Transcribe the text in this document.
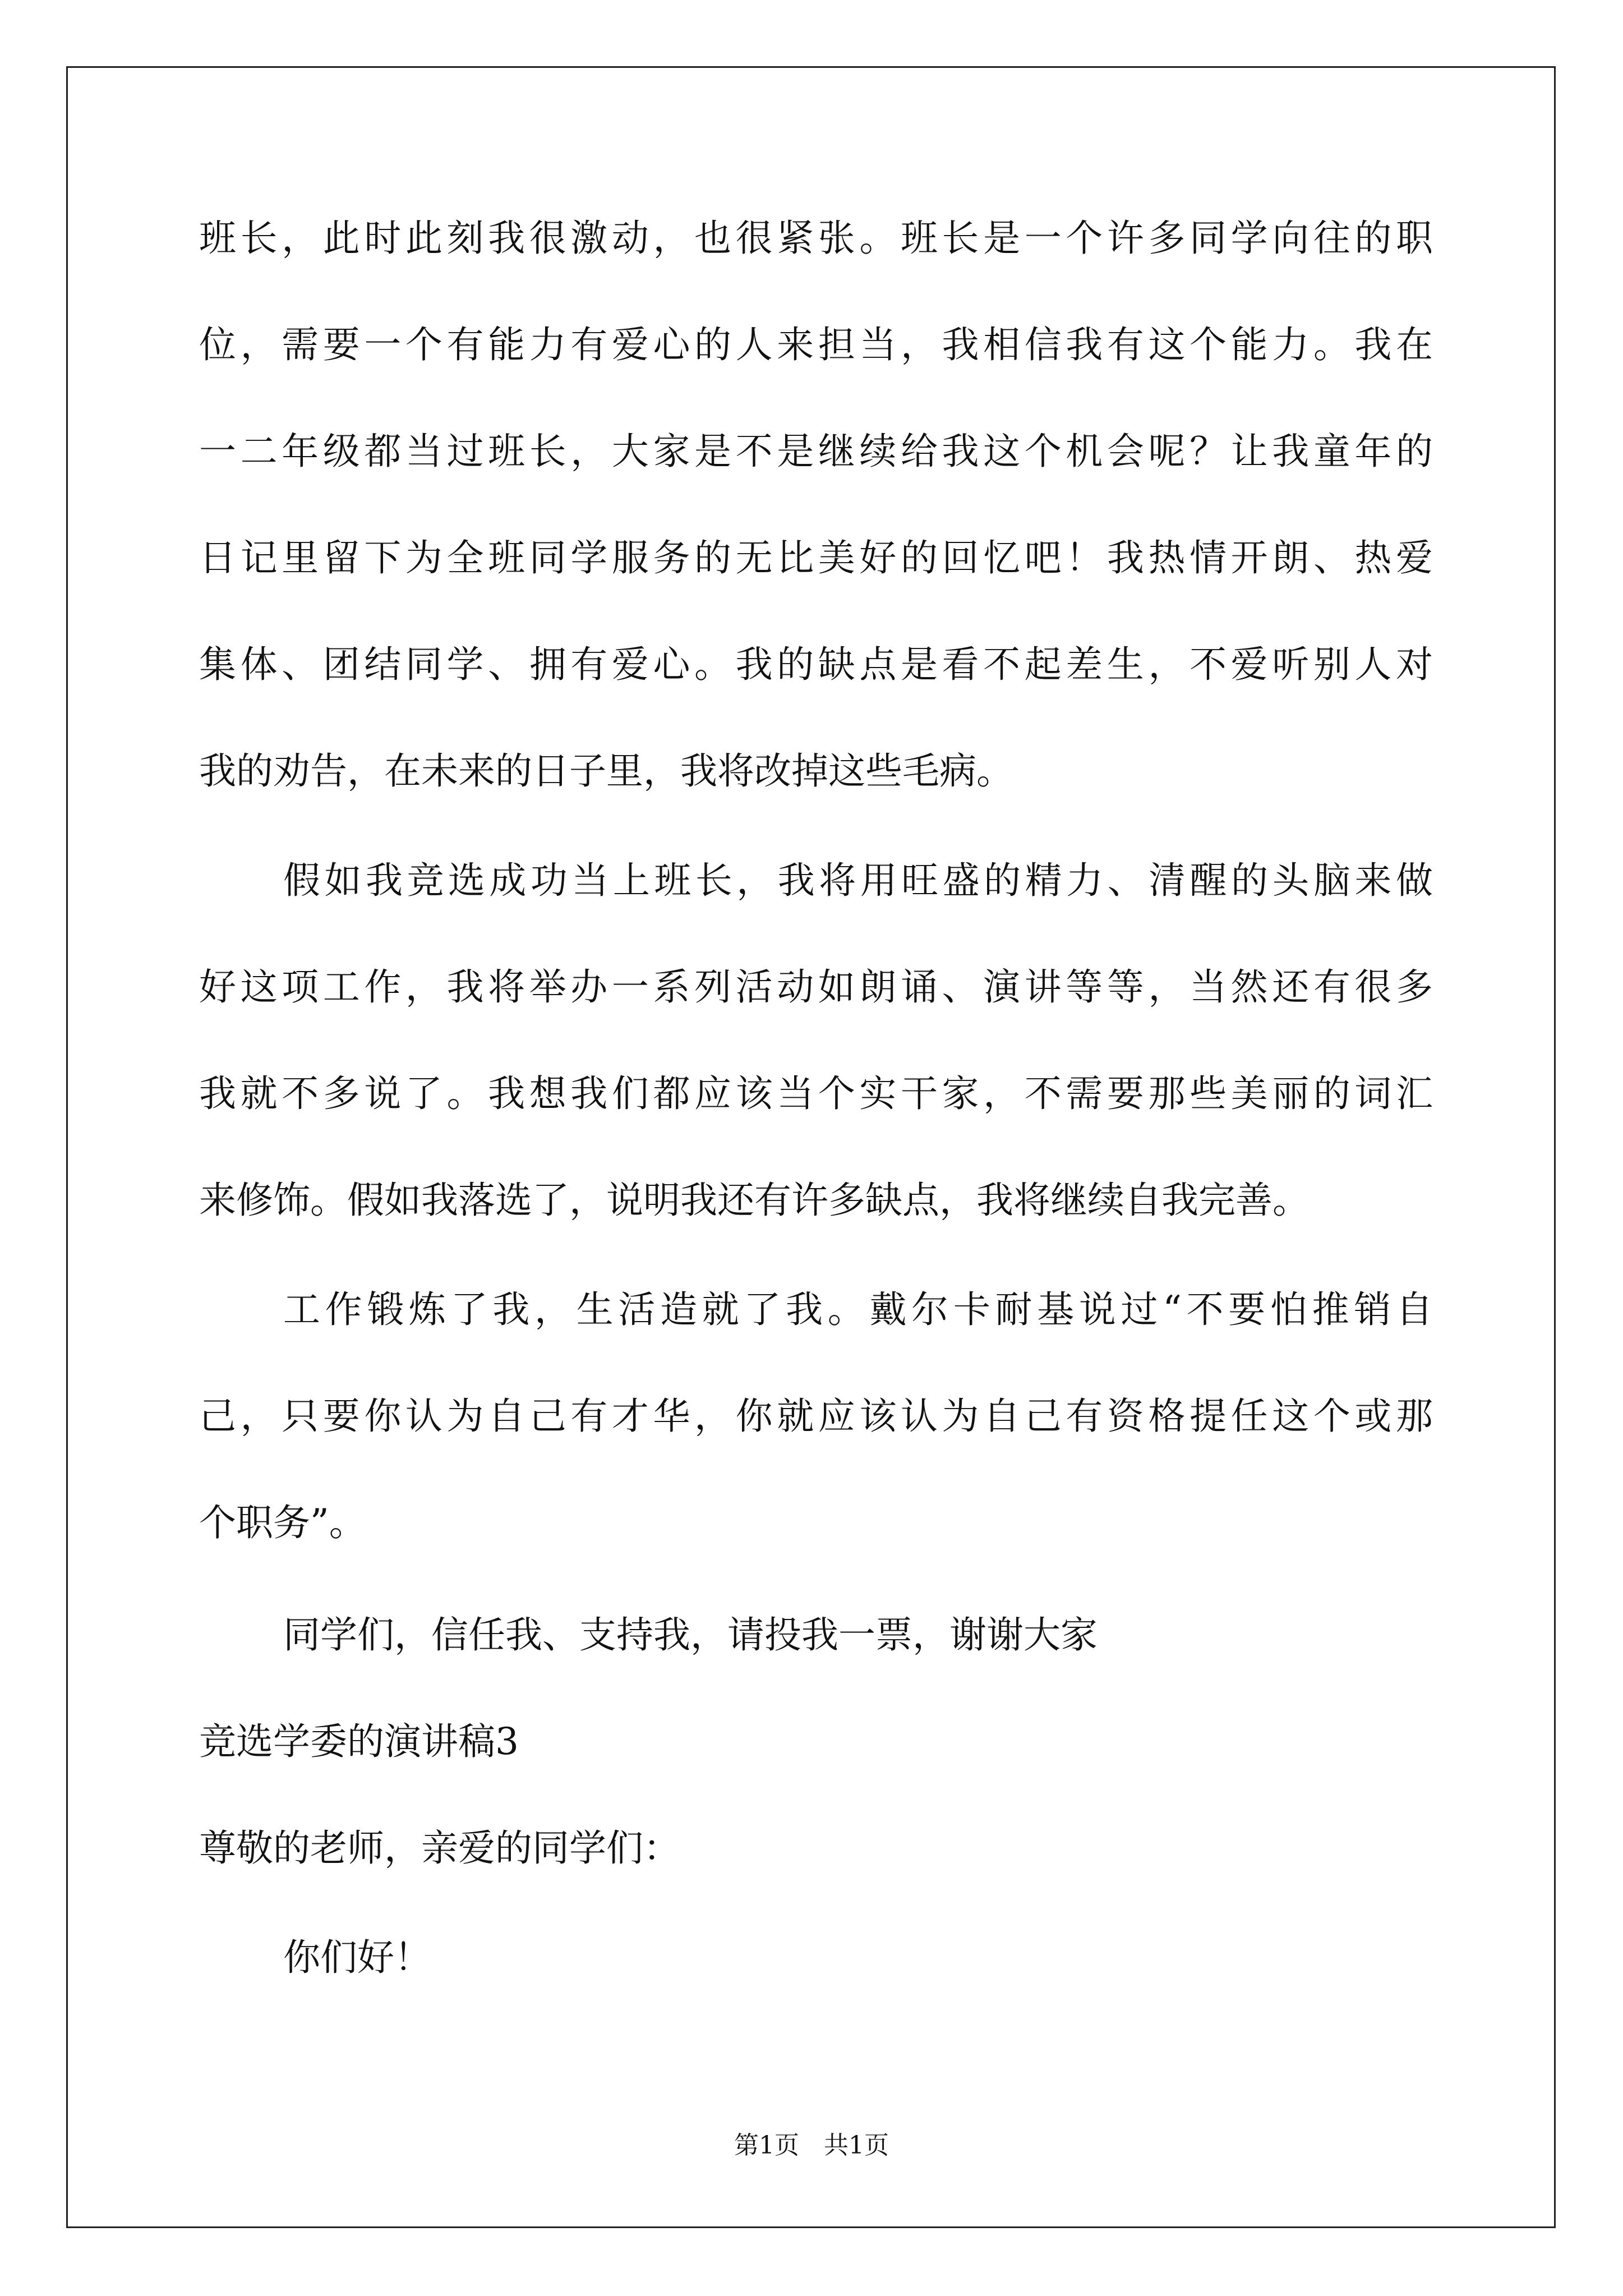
班长，此时此刻我很激动，也很紧张。班长是一个许多同学向往的职
位，需要一个有能力有爱心的人来担当，我相信我有这个能力。我在
一二年级都当过班长，大家是不是继续给我这个机会呢？让我童年的
日记里留下为全班同学服务的无比美好的回忆吧！我热情开朗、热爱
集体、团结同学、拥有爱心。我的缺点是看不起差生，不爱听别人对
我的劝告，在未来的日子里，我将改掉这些毛病。
假如我竞选成功当上班长，我将用旺盛的精力、清醒的头脑来做
好这项工作，我将举办一系列活动如朗诵、演讲等等，当然还有很多
我就不多说了。我想我们都应该当个实干家，不需要那些美丽的词汇
来修饰。假如我落选了，说明我还有许多缺点，我将继续自我完善。
工作锻炼了我，生活造就了我。戴尔卡耐基说过“不要怕推销自
己，只要你认为自己有才华，你就应该认为自己有资格提任这个或那
个职务”。
同学们，信任我、支持我，请投我一票，谢谢大家
竞选学委的演讲稿3
尊敬的老师，亲爱的同学们：
你们好！
第1页　共1页
